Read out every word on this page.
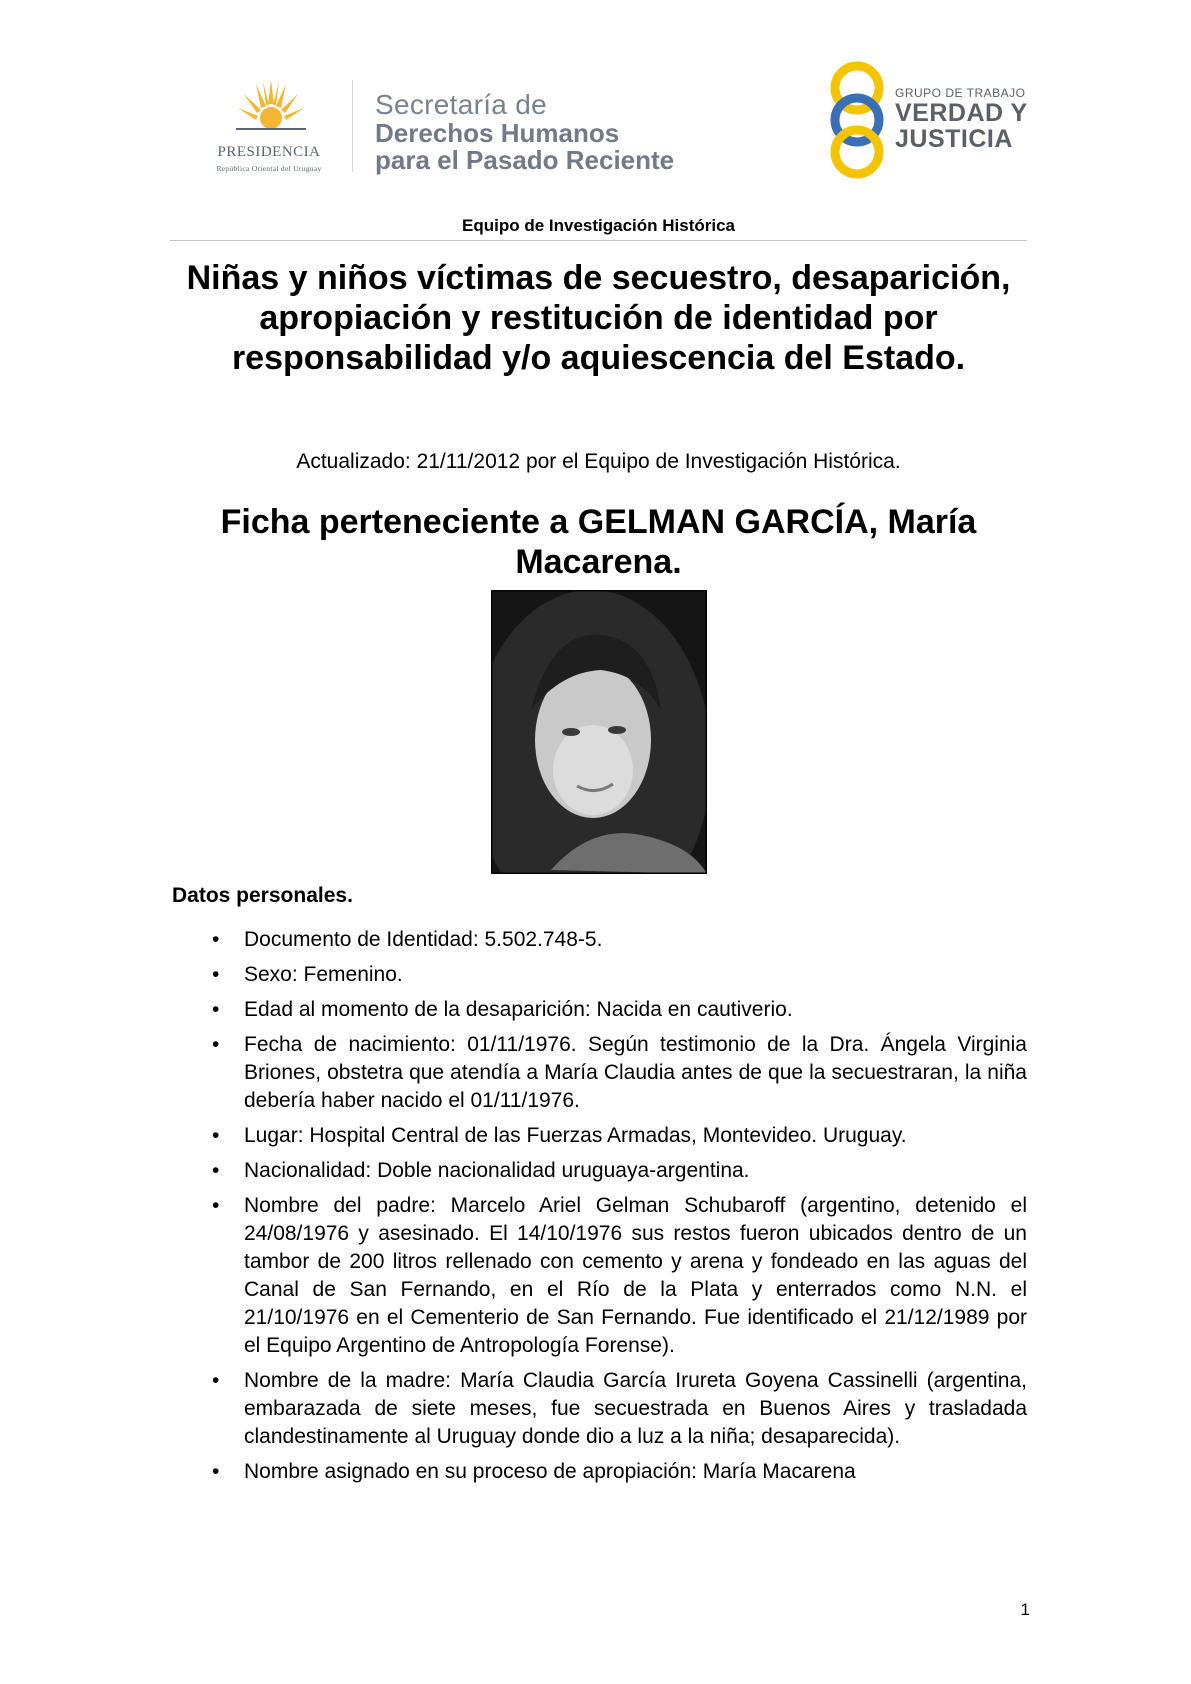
PRESIDENCIA
República Oriental del Uruguay
Secretaría de
Derechos Humanos
para el Pasado Reciente
GRUPO DE TRABAJO
VERDAD Y
JUSTICIA
Equipo de Investigación Histórica
Niñas y niños víctimas de secuestro, desaparición, apropiación y restitución de identidad por responsabilidad y/o aquiescencia del Estado.
Actualizado: 21/11/2012 por el Equipo de Investigación Histórica.
Ficha perteneciente a GELMAN GARCÍA, María Macarena.
Datos personales.
• Documento de Identidad: 5.502.748-5.
• Sexo: Femenino.
• Edad al momento de la desaparición: Nacida en cautiverio.
• Fecha de nacimiento: 01/11/1976. Según testimonio de la Dra. Ángela Virginia Briones, obstetra que atendía a María Claudia antes de que la secuestraran, la niña debería haber nacido el 01/11/1976.
• Lugar: Hospital Central de las Fuerzas Armadas, Montevideo. Uruguay.
• Nacionalidad: Doble nacionalidad uruguaya-argentina.
• Nombre del padre: Marcelo Ariel Gelman Schubaroff (argentino, detenido el 24/08/1976 y asesinado. El 14/10/1976 sus restos fueron ubicados dentro de un tambor de 200 litros rellenado con cemento y arena y fondeado en las aguas del Canal de San Fernando, en el Río de la Plata y enterrados como N.N. el 21/10/1976 en el Cementerio de San Fernando. Fue identificado el 21/12/1989 por el Equipo Argentino de Antropología Forense).
• Nombre de la madre: María Claudia García Irureta Goyena Cassinelli (argentina, embarazada de siete meses, fue secuestrada en Buenos Aires y trasladada clandestinamente al Uruguay donde dio a luz a la niña; desaparecida).
• Nombre asignado en su proceso de apropiación: María Macarena
1
